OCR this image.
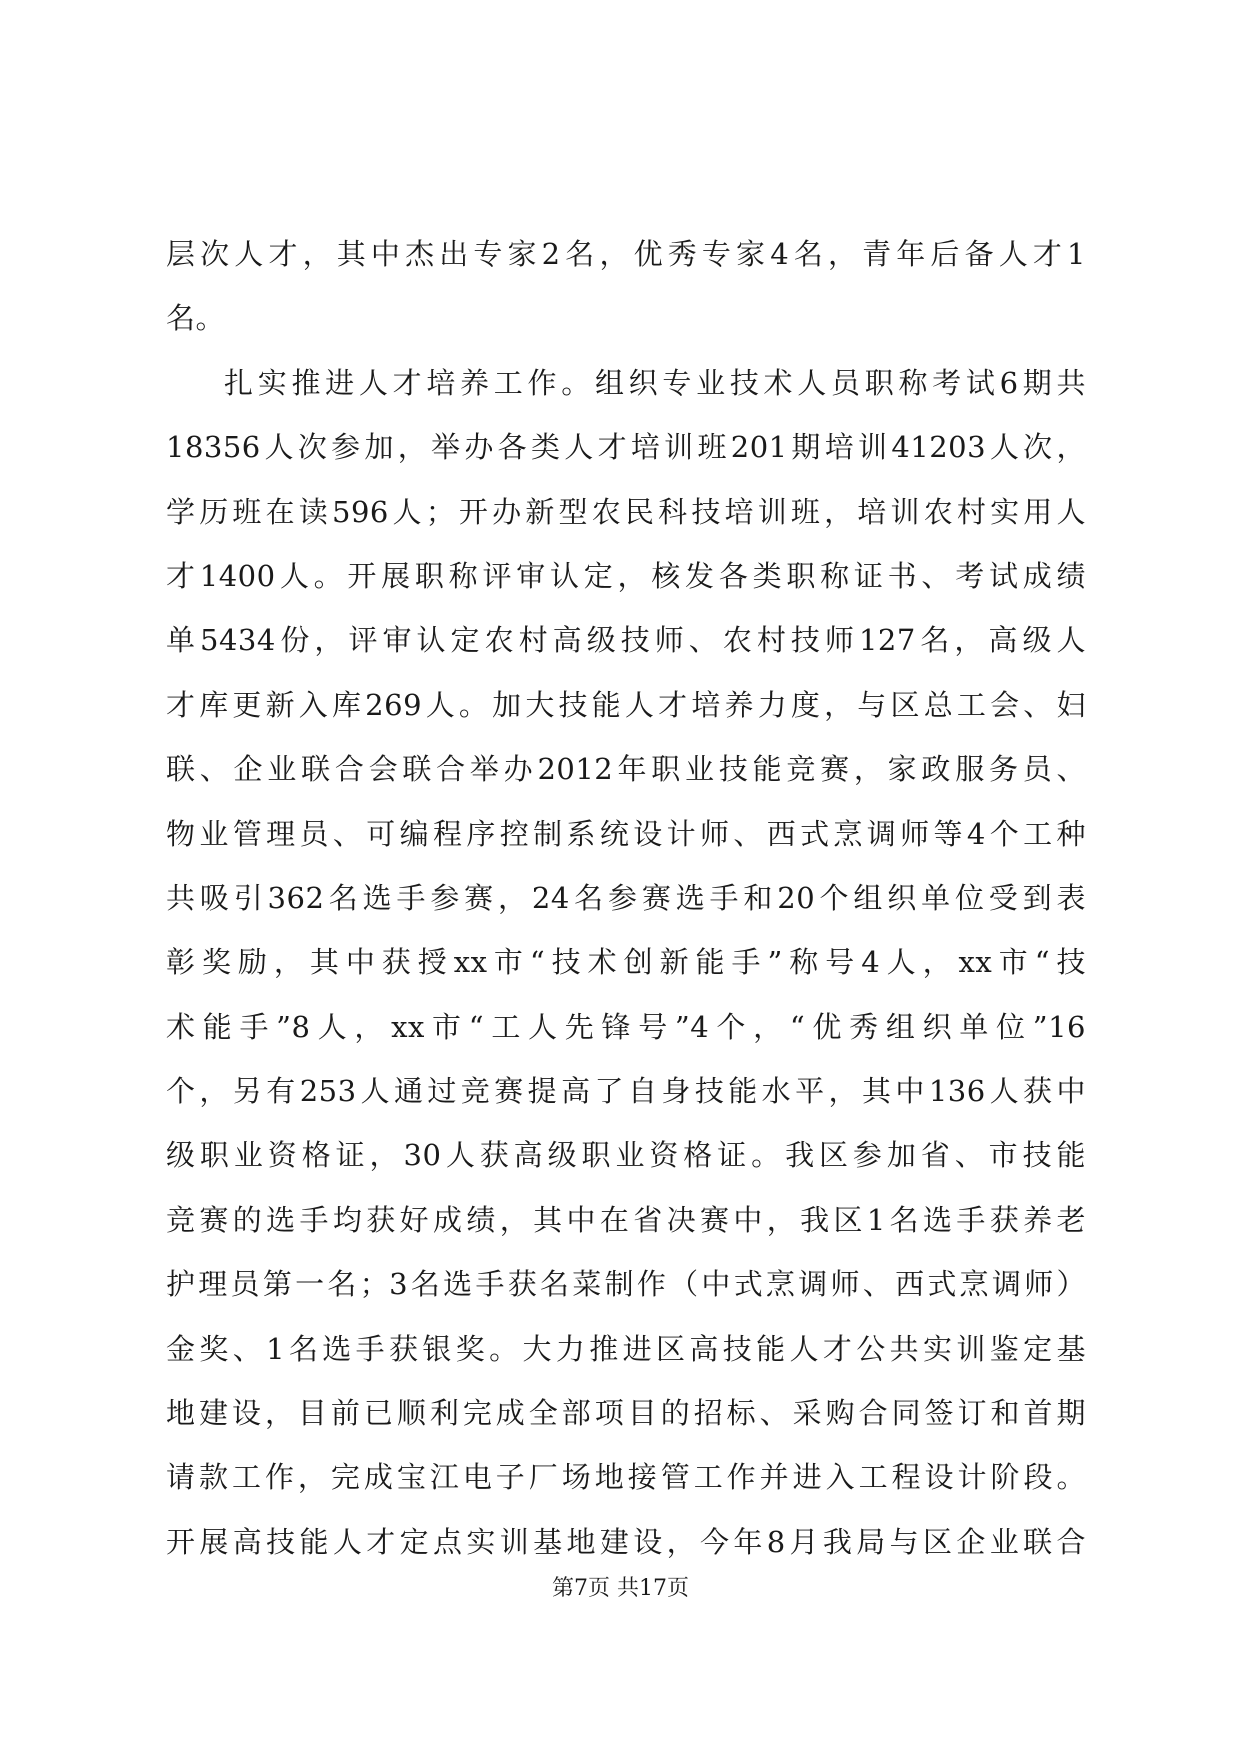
层次人才，其中杰出专家2名，优秀专家4名，青年后备人才1
名。
扎实推进人才培养工作。组织专业技术人员职称考试6期共
18356人次参加，举办各类人才培训班201期培训41203人次，
学历班在读596人；开办新型农民科技培训班，培训农村实用人
才1400人。开展职称评审认定，核发各类职称证书、考试成绩
单5434份，评审认定农村高级技师、农村技师127名，高级人
才库更新入库269人。加大技能人才培养力度，与区总工会、妇
联、企业联合会联合举办2012年职业技能竞赛，家政服务员、
物业管理员、可编程序控制系统设计师、西式烹调师等4个工种
共吸引362名选手参赛，24名参赛选手和20个组织单位受到表
彰奖励，其中获授xx市“技术创新能手”称号4人，xx市“技
术能手”8人，xx市“工人先锋号”4个，“优秀组织单位”16
个，另有253人通过竞赛提高了自身技能水平，其中136人获中
级职业资格证，30人获高级职业资格证。我区参加省、市技能
竞赛的选手均获好成绩，其中在省决赛中，我区1名选手获养老
护理员第一名；3名选手获名菜制作（中式烹调师、西式烹调师）
金奖、1名选手获银奖。大力推进区高技能人才公共实训鉴定基
地建设，目前已顺利完成全部项目的招标、采购合同签订和首期
请款工作，完成宝江电子厂场地接管工作并进入工程设计阶段。
开展高技能人才定点实训基地建设，今年8月我局与区企业联合
第7页 共17页
